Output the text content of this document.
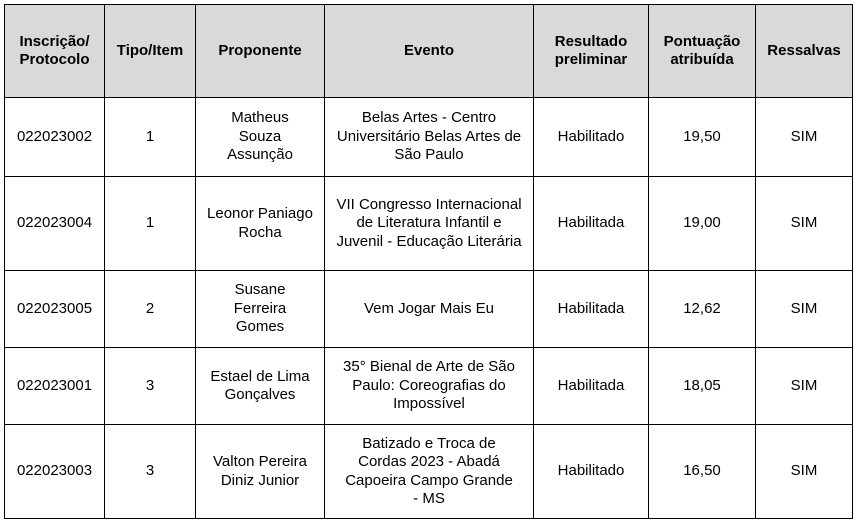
Inscrição/ Protocolo	Tipo/Item	Proponente	Evento	Resultado preliminar	Pontuação atribuída	Ressalvas
022023002	1	Matheus Souza Assunção	Belas Artes - Centro Universitário Belas Artes de São Paulo	Habilitado	19,50	SIM
022023004	1	Leonor Paniago Rocha	VII Congresso Internacional de Literatura Infantil e Juvenil - Educação Literária	Habilitada	19,00	SIM
022023005	2	Susane Ferreira Gomes	Vem Jogar Mais Eu	Habilitada	12,62	SIM
022023001	3	Estael de Lima Gonçalves	35° Bienal de Arte de São Paulo: Coreografias do Impossível	Habilitada	18,05	SIM
022023003	3	Valton Pereira Diniz Junior	Batizado e Troca de Cordas 2023 - Abadá Capoeira Campo Grande - MS	Habilitado	16,50	SIM
